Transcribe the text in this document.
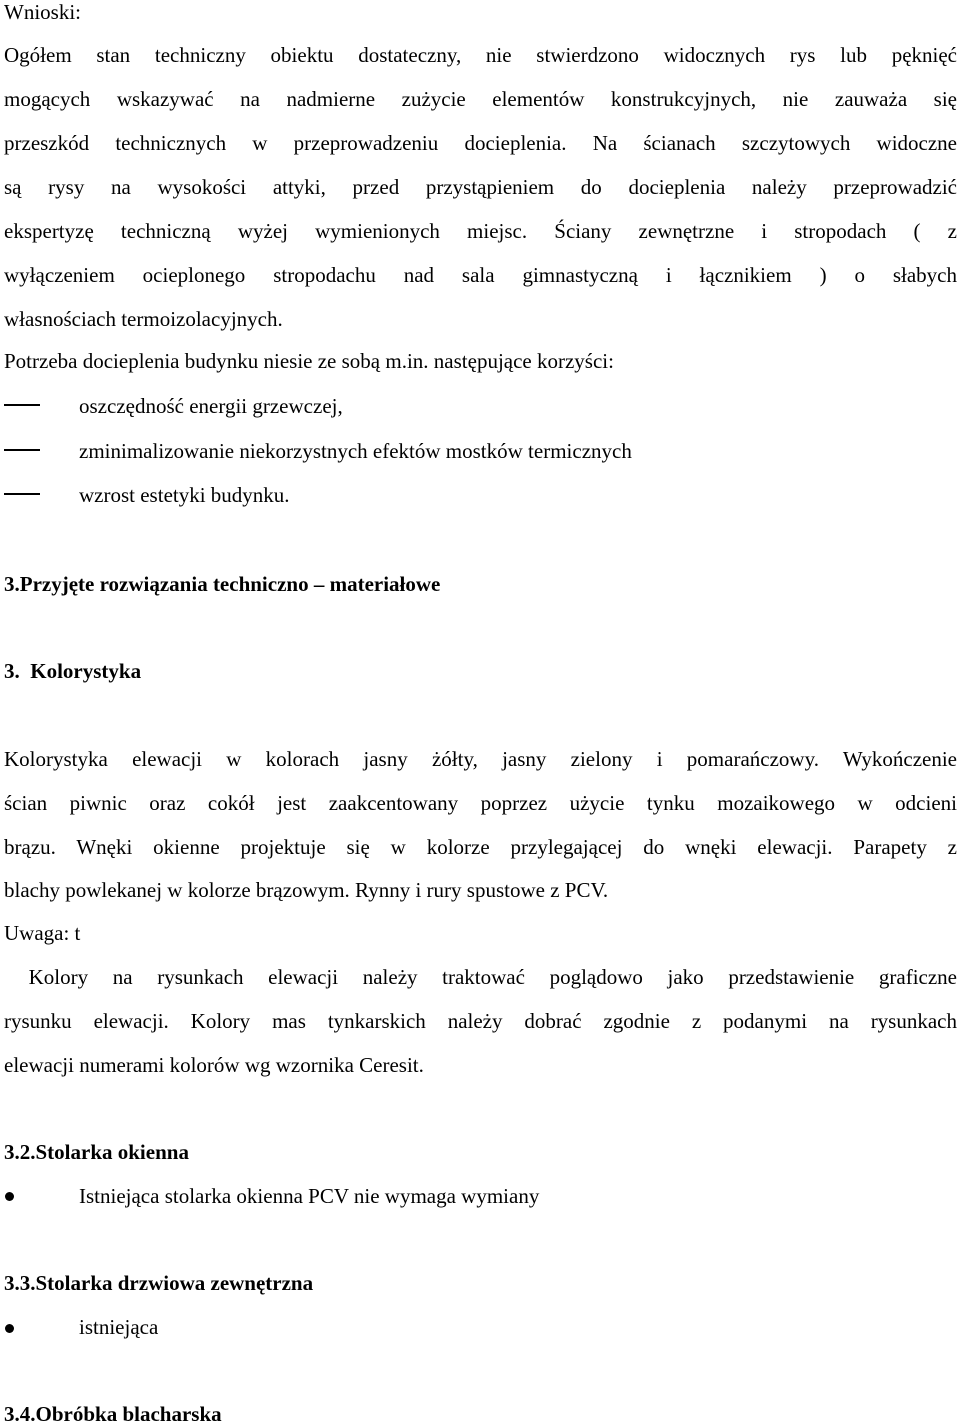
Wnioski:
Ogółem stan techniczny obiektu dostateczny, nie stwierdzono widocznych rys lub pęknięć
mogących wskazywać na nadmierne zużycie elementów konstrukcyjnych, nie zauważa się
przeszkód technicznych w przeprowadzeniu docieplenia. Na ścianach szczytowych widoczne
są rysy na wysokości attyki, przed przystąpieniem do docieplenia należy przeprowadzić
ekspertyzę techniczną wyżej wymienionych miejsc. Ściany zewnętrzne i stropodach ( z
wyłączeniem ocieplonego stropodachu nad sala gimnastyczną i łącznikiem ) o słabych
własnościach termoizolacyjnych.
Potrzeba docieplenia budynku niesie ze sobą m.in. następujące korzyści:
oszczędność energii grzewczej,
zminimalizowanie niekorzystnych efektów mostków termicznych
wzrost estetyki budynku.
3.Przyjęte rozwiązania techniczno – materiałowe
3.  Kolorystyka
Kolorystyka elewacji w kolorach jasny żółty, jasny zielony i pomarańczowy. Wykończenie
ścian piwnic oraz cokół jest zaakcentowany poprzez użycie tynku mozaikowego w odcieni
brązu. Wnęki okienne projektuje się w kolorze przylegającej do wnęki elewacji. Parapety z
blachy powlekanej w kolorze brązowym. Rynny i rury spustowe z PCV.
Uwaga: t
Kolory na rysunkach elewacji należy traktować poglądowo jako przedstawienie graficzne
rysunku elewacji. Kolory mas tynkarskich należy dobrać zgodnie z podanymi na rysunkach
elewacji numerami kolorów wg wzornika Ceresit.
3.2.Stolarka okienna
Istniejąca stolarka okienna PCV nie wymaga wymiany
3.3.Stolarka drzwiowa zewnętrzna
istniejąca
3.4.Obróbka blacharska
